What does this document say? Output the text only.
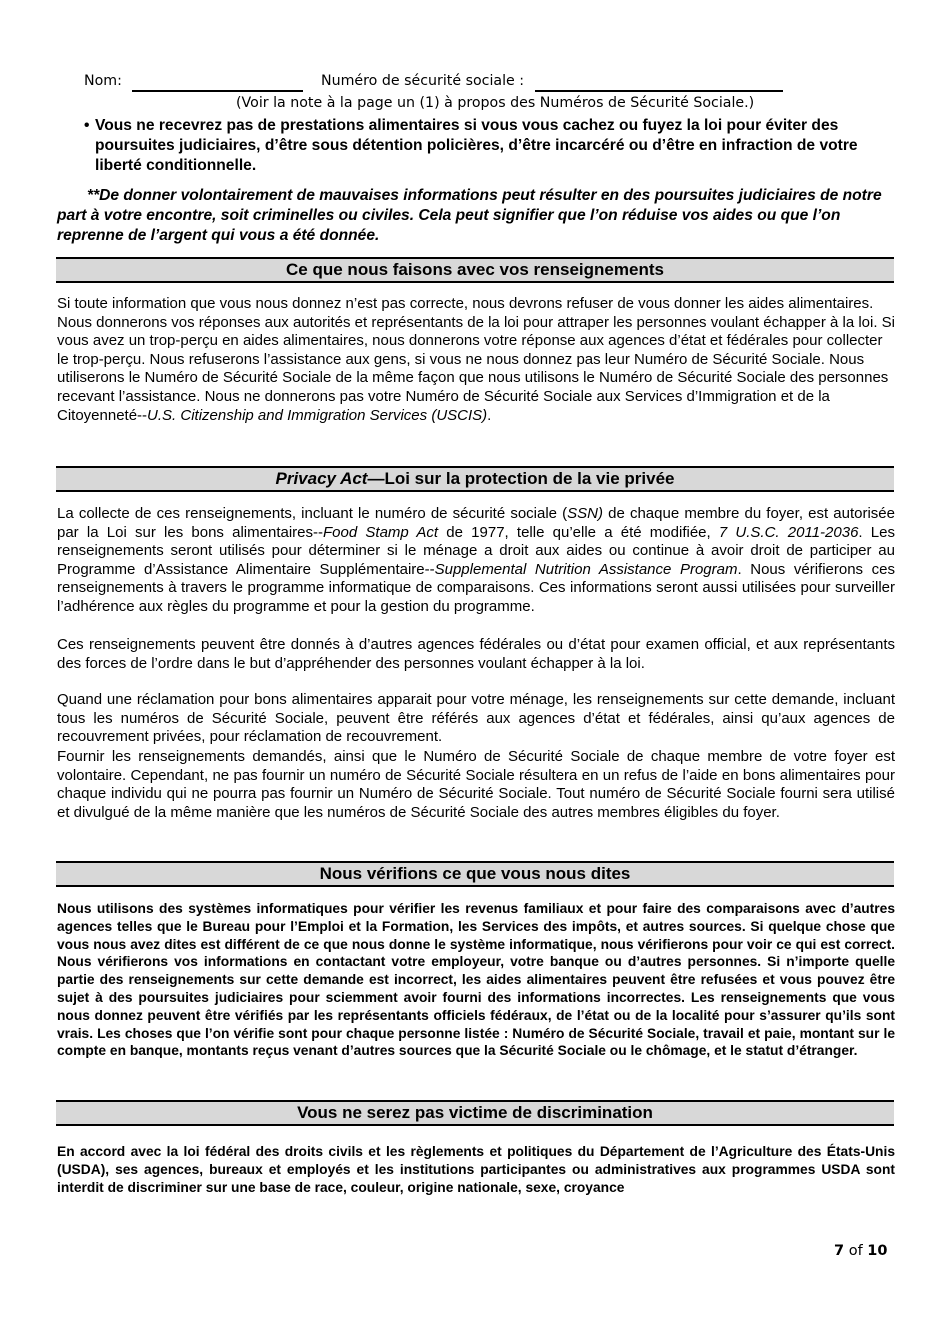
Nom:	Numéro de sécurité sociale :
(Voir la note à la page un (1) à propos des Numéros de Sécurité Sociale.)
• Vous ne recevrez pas de prestations alimentaires si vous vous cachez ou fuyez la loi pour éviter des poursuites judiciaires, d’être sous détention policières, d’être incarcéré ou d’être en infraction de votre liberté conditionnelle.
**De donner volontairement de mauvaises informations peut résulter en des poursuites judiciaires de notre part à votre encontre, soit criminelles ou civiles. Cela peut signifier que l’on réduise vos aides ou que l’on reprenne de l’argent qui vous a été donnée.
Ce que nous faisons avec vos renseignements
Si toute information que vous nous donnez n’est pas correcte, nous devrons refuser de vous donner les aides alimentaires. Nous donnerons vos réponses aux autorités et représentants de la loi pour attraper les personnes voulant échapper à la loi. Si vous avez un trop-perçu en aides alimentaires, nous donnerons votre réponse aux agences d’état et fédérales pour collecter le trop-perçu. Nous refuserons l’assistance aux gens, si vous ne nous donnez pas leur Numéro de Sécurité Sociale. Nous utiliserons le Numéro de Sécurité Sociale de la même façon que nous utilisons le Numéro de Sécurité Sociale des personnes recevant l’assistance. Nous ne donnerons pas votre Numéro de Sécurité Sociale aux Services d’Immigration et de la Citoyenneté--U.S. Citizenship and Immigration Services (USCIS).
Privacy Act—Loi sur la protection de la vie privée
La collecte de ces renseignements, incluant le numéro de sécurité sociale (SSN) de chaque membre du foyer, est autorisée par la Loi sur les bons alimentaires--Food Stamp Act de 1977, telle qu’elle a été modifiée, 7 U.S.C. 2011-2036. Les renseignements seront utilisés pour déterminer si le ménage a droit aux aides ou continue à avoir droit de participer au Programme d’Assistance Alimentaire Supplémentaire--Supplemental Nutrition Assistance Program. Nous vérifierons ces renseignements à travers le programme informatique de comparaisons. Ces informations seront aussi utilisées pour surveiller l’adhérence aux règles du programme et pour la gestion du programme.
Ces renseignements peuvent être donnés à d’autres agences fédérales ou d’état pour examen official, et aux représentants des forces de l’ordre dans le but d’appréhender des personnes voulant échapper à la loi.
Quand une réclamation pour bons alimentaires apparait pour votre ménage, les renseignements sur cette demande, incluant tous les numéros de Sécurité Sociale, peuvent être référés aux agences d’état et fédérales, ainsi qu’aux agences de recouvrement privées, pour réclamation de recouvrement.
Fournir les renseignements demandés, ainsi que le Numéro de Sécurité Sociale de chaque membre de votre foyer est volontaire. Cependant, ne pas fournir un numéro de Sécurité Sociale résultera en un refus de l’aide en bons alimentaires pour chaque individu qui ne pourra pas fournir un Numéro de Sécurité Sociale. Tout numéro de Sécurité Sociale fourni sera utilisé et divulgué de la même manière que les numéros de Sécurité Sociale des autres membres éligibles du foyer.
Nous vérifions ce que vous nous dites
Nous utilisons des systèmes informatiques pour vérifier les revenus familiaux et pour faire des comparaisons avec d’autres agences telles que le Bureau pour l’Emploi et la Formation, les Services des impôts, et autres sources. Si quelque chose que vous nous avez dites est différent de ce que nous donne le système informatique, nous vérifierons pour voir ce qui est correct. Nous vérifierons vos informations en contactant votre employeur, votre banque ou d’autres personnes. Si n’importe quelle partie des renseignements sur cette demande est incorrect, les aides alimentaires peuvent être refusées et vous pouvez être sujet à des poursuites judiciaires pour sciemment avoir fourni des informations incorrectes. Les renseignements que vous nous donnez peuvent être vérifiés par les représentants officiels fédéraux, de l’état ou de la localité pour s’assurer qu’ils sont vrais. Les choses que l’on vérifie sont pour chaque personne listée : Numéro de Sécurité Sociale, travail et paie, montant sur le compte en banque, montants reçus venant d’autres sources que la Sécurité Sociale ou le chômage, et le statut d’étranger.
Vous ne serez pas victime de discrimination
En accord avec la loi fédéral des droits civils et les règlements et politiques du Département de l’Agriculture des États-Unis (USDA), ses agences, bureaux et employés et les institutions participantes ou administratives aux programmes USDA sont interdit de discriminer sur une base de race, couleur, origine nationale, sexe, croyance
7 of 10
